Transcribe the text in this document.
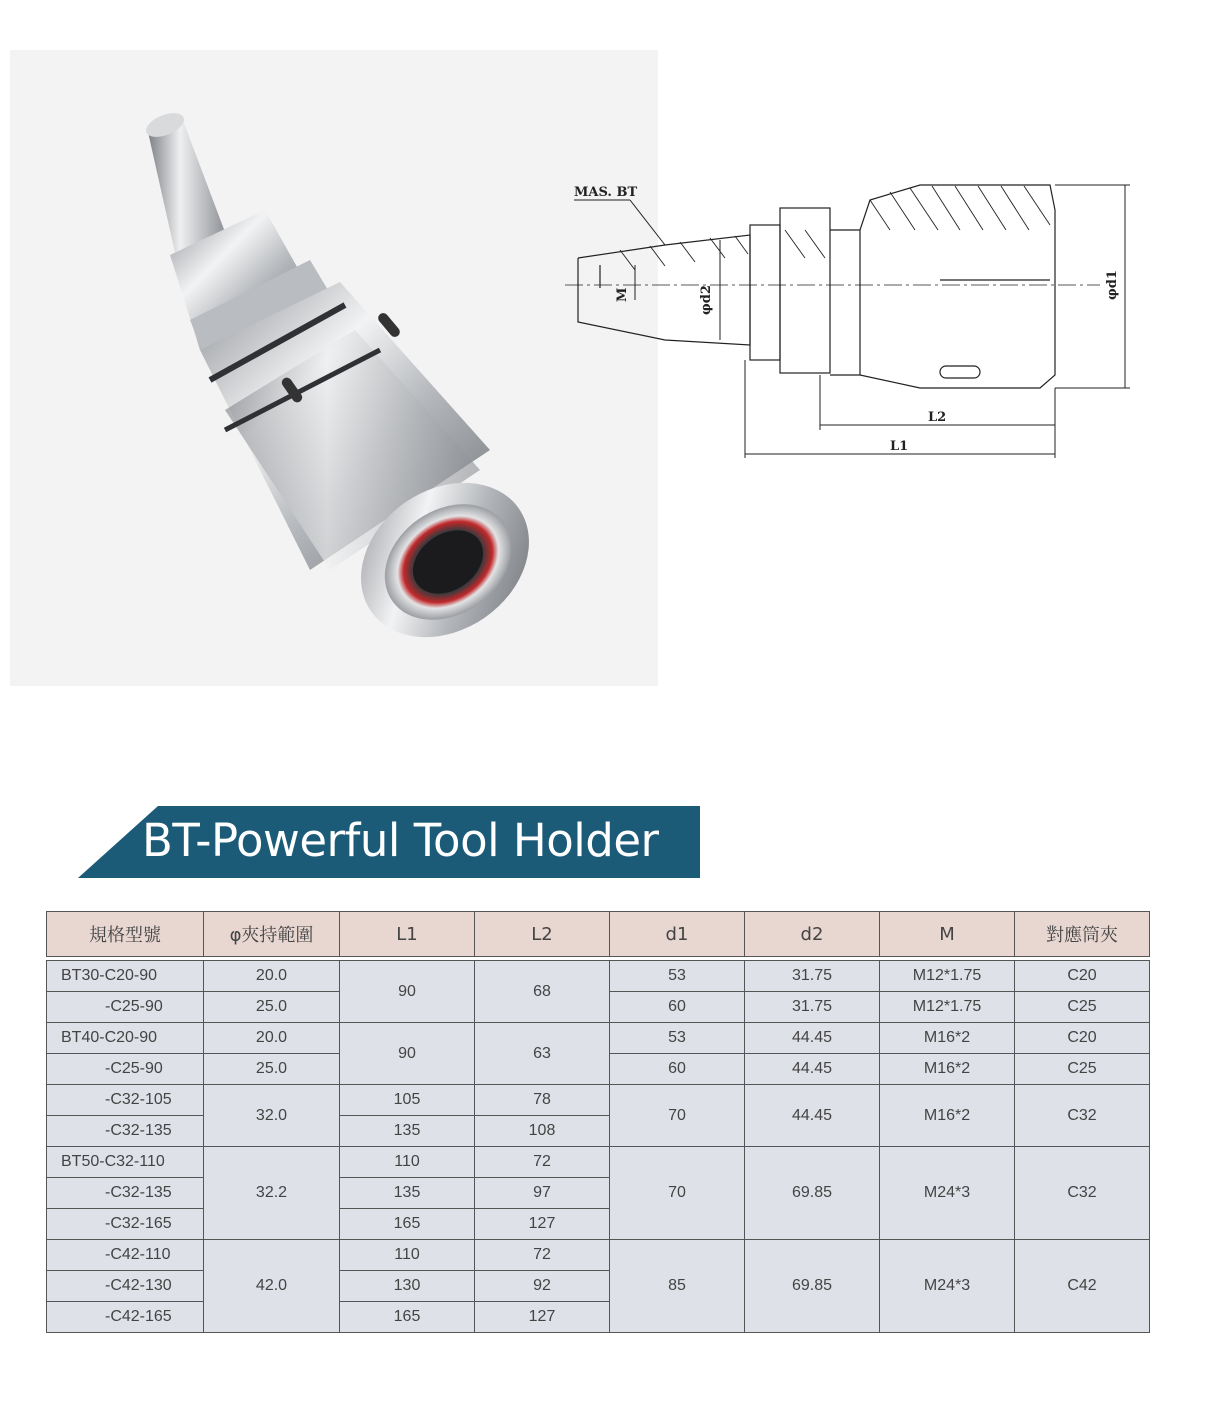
MAS. BT
M	φd2
φd1
L2
L1
BT-Powerful Tool Holder
規格型號	φ夾持範圍	L1	L2	d1	d2	M	對應筒夾

BT30-C20-90	20.0	90	68	53	31.75	M12*1.75	C20
-C25-90	25.0			60	31.75	M12*1.75	C25
BT40-C20-90	20.0	90	63	53	44.45	M16*2	C20
-C25-90	25.0			60	44.45	M16*2	C25
-C32-105	32.0	105	78	70	44.45	M16*2	C32
-C32-135		135	108				
BT50-C32-110	32.2	110	72	70	69.85	M24*3	C32
-C32-135		135	97				
-C32-165		165	127				
-C42-110	42.0	110	72	85	69.85	M24*3	C42
-C42-130		130	92				
-C42-165		165	127				
